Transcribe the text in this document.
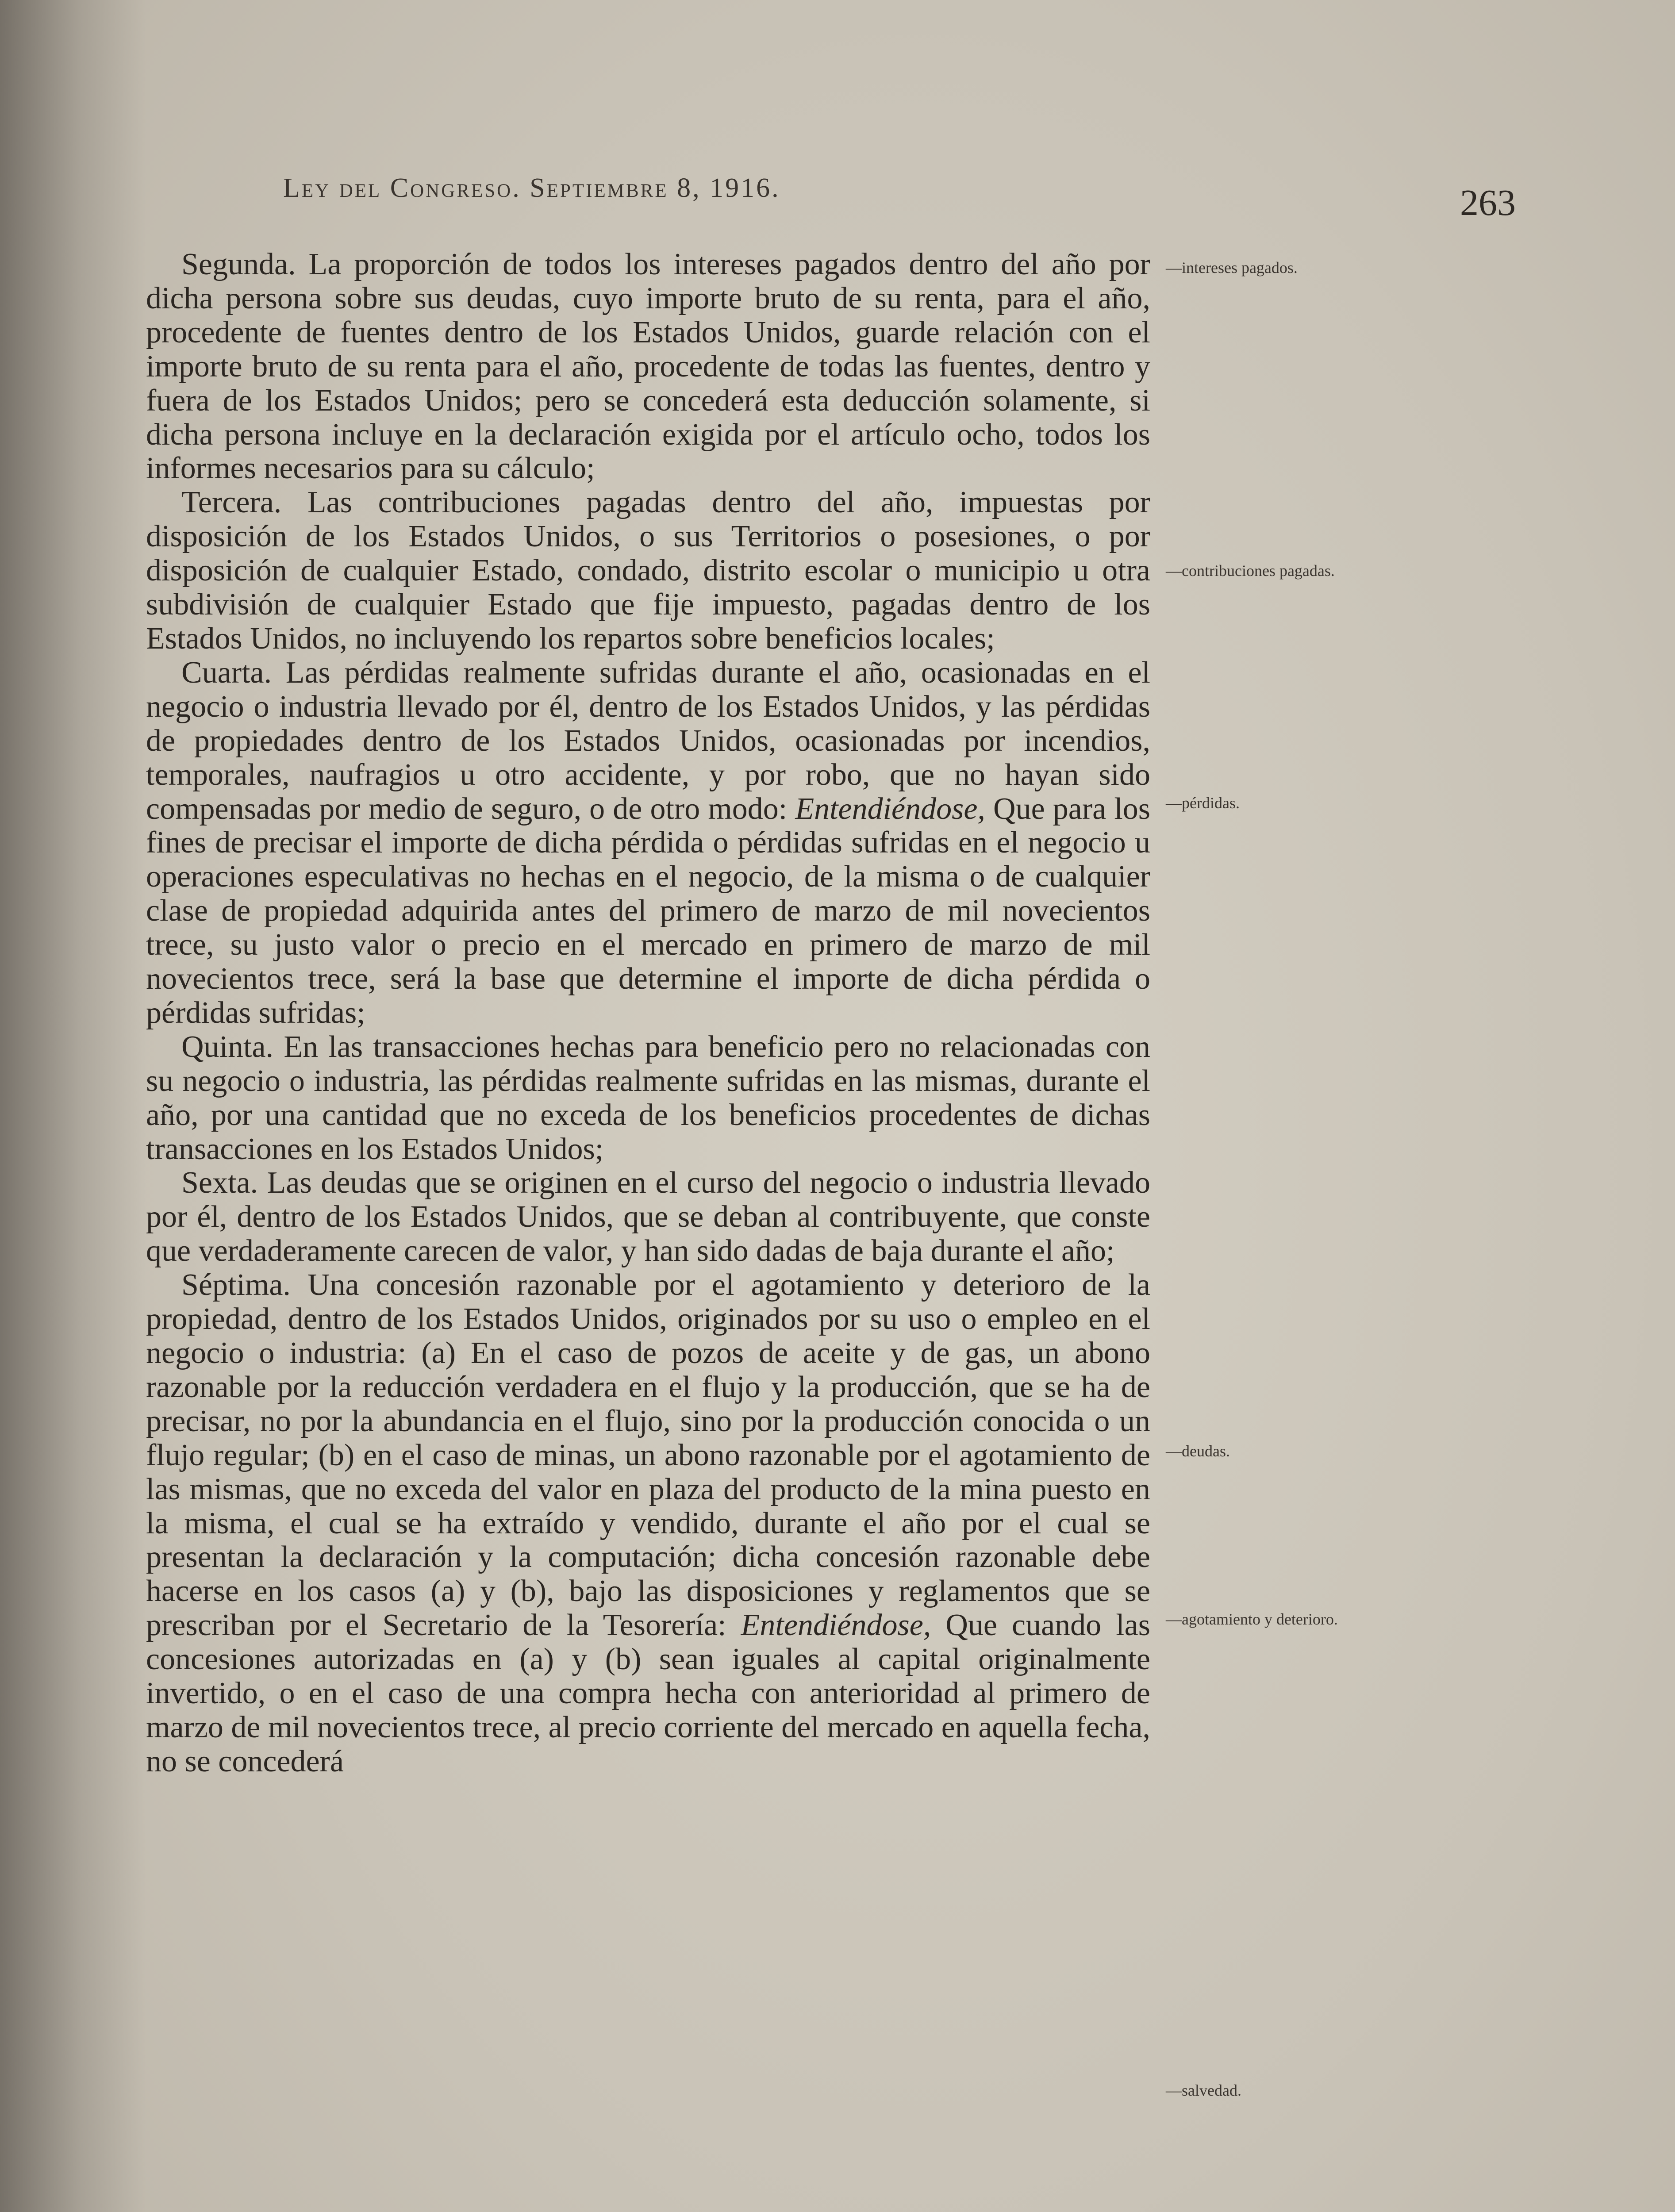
Ley del Congreso. Septiembre 8, 1916.	263

Segunda. La proporción de todos los intereses pagados dentro del año por dicha persona sobre sus deudas, cuyo importe bruto de su renta, para el año, procedente de fuentes dentro de los Estados Unidos, guarde relación con el importe bruto de su renta para el año, procedente de todas las fuentes, dentro y fuera de los Estados Unidos; pero se concederá esta deducción solamente, si dicha persona incluye en la declaración exigida por el artículo ocho, todos los informes necesarios para su cálculo;

Tercera. Las contribuciones pagadas dentro del año, impuestas por disposición de los Estados Unidos, o sus Territorios o posesiones, o por disposición de cualquier Estado, condado, distrito escolar o municipio u otra subdivisión de cualquier Estado que fije impuesto, pagadas dentro de los Estados Unidos, no incluyendo los repartos sobre beneficios locales;

Cuarta. Las pérdidas realmente sufridas durante el año, ocasionadas en el negocio o industria llevado por él, dentro de los Estados Unidos, y las pérdidas de propiedades dentro de los Estados Unidos, ocasionadas por incendios, temporales, naufragios u otro accidente, y por robo, que no hayan sido compensadas por medio de seguro, o de otro modo: Entendiéndose, Que para los fines de precisar el importe de dicha pérdida o pérdidas sufridas en el negocio u operaciones especulativas no hechas en el negocio, de la misma o de cualquier clase de propiedad adquirida antes del primero de marzo de mil novecientos trece, su justo valor o precio en el mercado en primero de marzo de mil novecientos trece, será la base que determine el importe de dicha pérdida o pérdidas sufridas;

Quinta. En las transacciones hechas para beneficio pero no relacionadas con su negocio o industria, las pérdidas realmente sufridas en las mismas, durante el año, por una cantidad que no exceda de los beneficios procedentes de dichas transacciones en los Estados Unidos;

Sexta. Las deudas que se originen en el curso del negocio o industria llevado por él, dentro de los Estados Unidos, que se deban al contribuyente, que conste que verdaderamente carecen de valor, y han sido dadas de baja durante el año;

Séptima. Una concesión razonable por el agotamiento y deterioro de la propiedad, dentro de los Estados Unidos, originados por su uso o empleo en el negocio o industria: (a) En el caso de pozos de aceite y de gas, un abono razonable por la reducción verdadera en el flujo y la producción, que se ha de precisar, no por la abundancia en el flujo, sino por la producción conocida o un flujo regular; (b) en el caso de minas, un abono razonable por el agotamiento de las mismas, que no exceda del valor en plaza del producto de la mina puesto en la misma, el cual se ha extraído y vendido, durante el año por el cual se presentan la declaración y la computación; dicha concesión razonable debe hacerse en los casos (a) y (b), bajo las disposiciones y reglamentos que se prescriban por el Secretario de la Tesorería: Entendiéndose, Que cuando las concesiones autorizadas en (a) y (b) sean iguales al capital originalmente invertido, o en el caso de una compra hecha con anterioridad al primero de marzo de mil novecientos trece, al precio corriente del mercado en aquella fecha, no se concederá

—intereses pagados.
—contribuciones pagadas.
—pérdidas.
—deudas.
—agotamiento y deterioro.
—salvedad.
